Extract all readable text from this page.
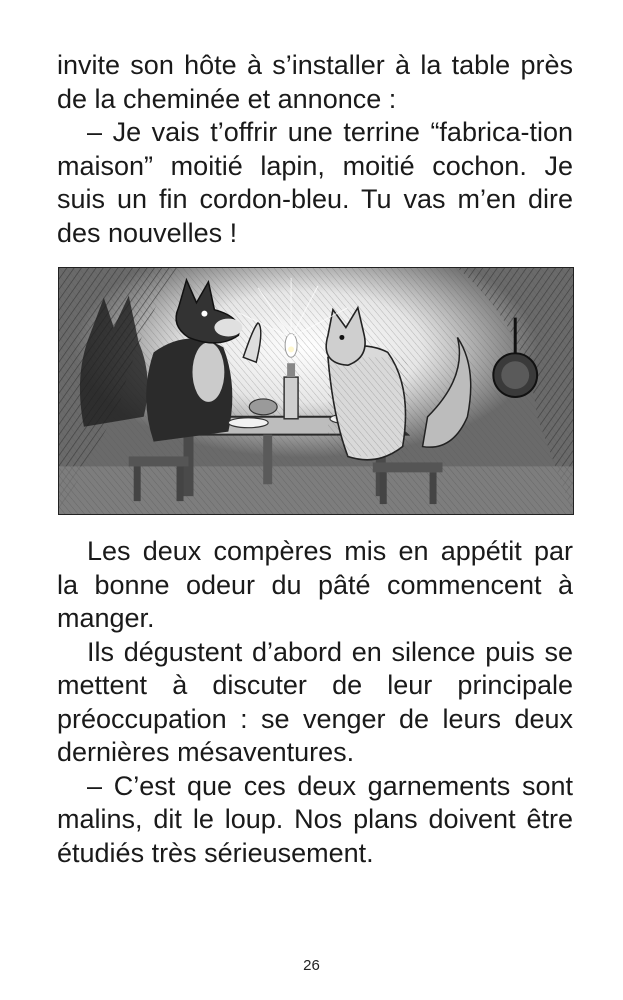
invite son hôte à s’installer à la table près de la cheminée et annonce :

– Je vais t’offrir une terrine “fabrica-tion maison” moitié lapin, moitié cochon. Je suis un fin cordon-bleu. Tu vas m’en dire des nouvelles !

Les deux compères mis en appétit par la bonne odeur du pâté commencent à manger.

Ils dégustent d’abord en silence puis se mettent à discuter de leur principale préoccupation : se venger de leurs deux dernières mésaventures.

– C’est que ces deux garnements sont malins, dit le loup. Nos plans doivent être étudiés très sérieusement.

26
